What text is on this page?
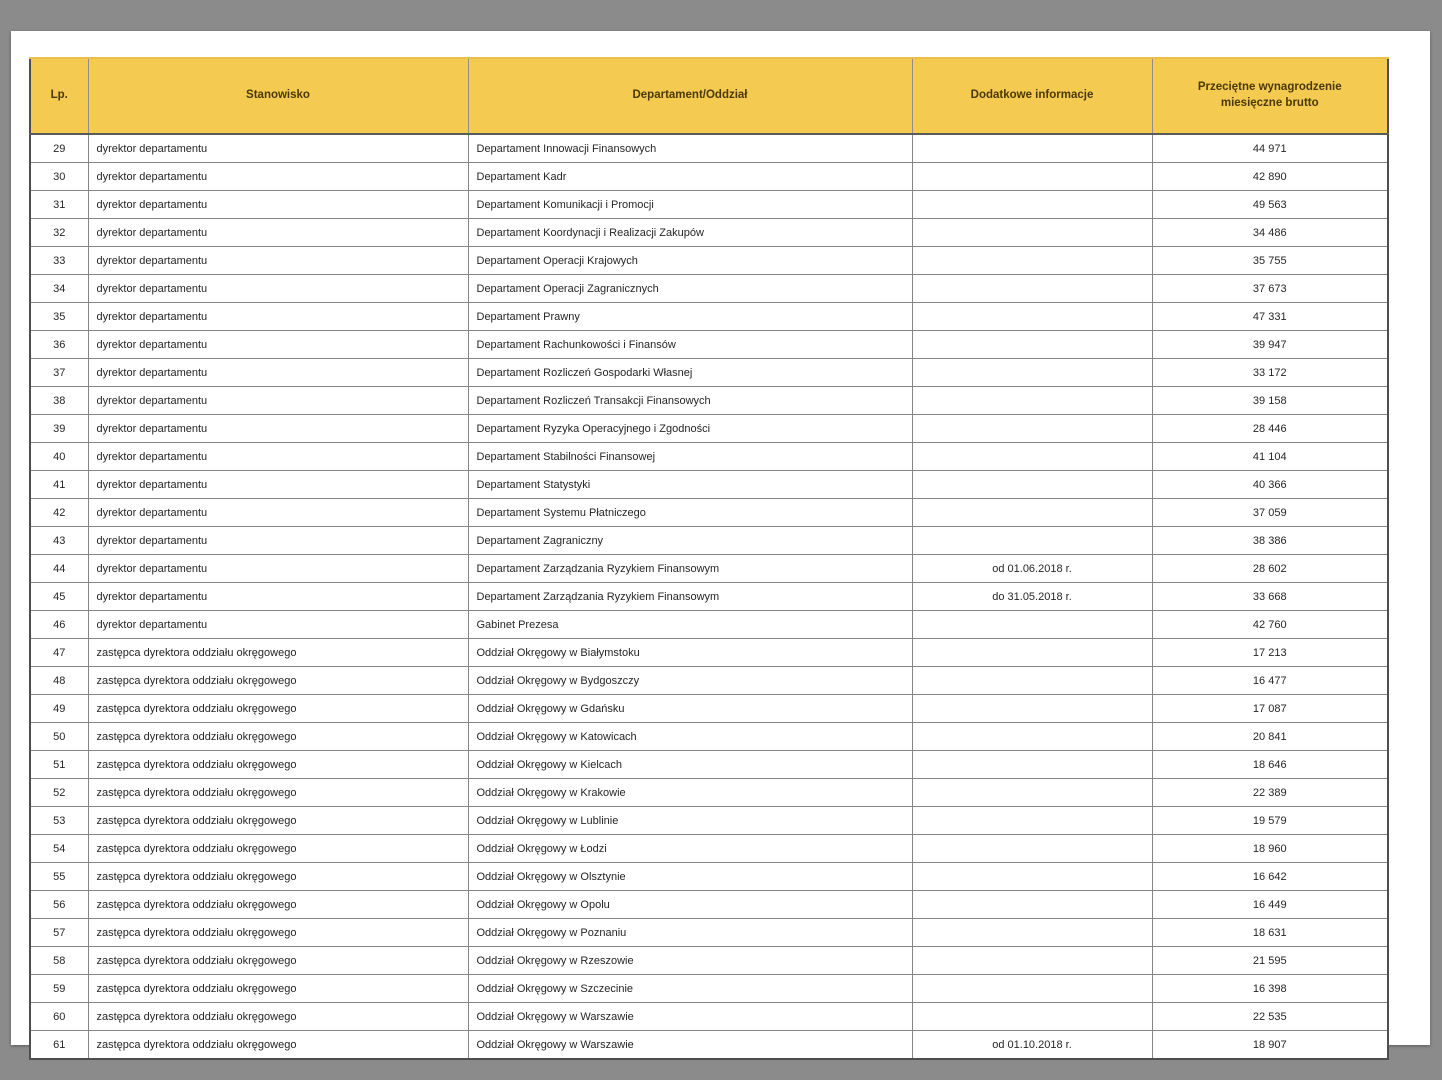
Lp.	Stanowisko	Departament/Oddział	Dodatkowe informacje	Przeciętne wynagrodzenie miesięczne brutto
29	dyrektor departamentu	Departament Innowacji Finansowych		44 971
30	dyrektor departamentu	Departament Kadr		42 890
31	dyrektor departamentu	Departament Komunikacji i Promocji		49 563
32	dyrektor departamentu	Departament Koordynacji i Realizacji Zakupów		34 486
33	dyrektor departamentu	Departament Operacji Krajowych		35 755
34	dyrektor departamentu	Departament Operacji Zagranicznych		37 673
35	dyrektor departamentu	Departament Prawny		47 331
36	dyrektor departamentu	Departament Rachunkowości i Finansów		39 947
37	dyrektor departamentu	Departament Rozliczeń Gospodarki Własnej		33 172
38	dyrektor departamentu	Departament Rozliczeń Transakcji Finansowych		39 158
39	dyrektor departamentu	Departament Ryzyka Operacyjnego i Zgodności		28 446
40	dyrektor departamentu	Departament Stabilności Finansowej		41 104
41	dyrektor departamentu	Departament Statystyki		40 366
42	dyrektor departamentu	Departament Systemu Płatniczego		37 059
43	dyrektor departamentu	Departament Zagraniczny		38 386
44	dyrektor departamentu	Departament Zarządzania Ryzykiem Finansowym	od 01.06.2018 r.	28 602
45	dyrektor departamentu	Departament Zarządzania Ryzykiem Finansowym	do 31.05.2018 r.	33 668
46	dyrektor departamentu	Gabinet Prezesa		42 760
47	zastępca dyrektora oddziału okręgowego	Oddział Okręgowy w Białymstoku		17 213
48	zastępca dyrektora oddziału okręgowego	Oddział Okręgowy w Bydgoszczy		16 477
49	zastępca dyrektora oddziału okręgowego	Oddział Okręgowy w Gdańsku		17 087
50	zastępca dyrektora oddziału okręgowego	Oddział Okręgowy w Katowicach		20 841
51	zastępca dyrektora oddziału okręgowego	Oddział Okręgowy w Kielcach		18 646
52	zastępca dyrektora oddziału okręgowego	Oddział Okręgowy w Krakowie		22 389
53	zastępca dyrektora oddziału okręgowego	Oddział Okręgowy w Lublinie		19 579
54	zastępca dyrektora oddziału okręgowego	Oddział Okręgowy w Łodzi		18 960
55	zastępca dyrektora oddziału okręgowego	Oddział Okręgowy w Olsztynie		16 642
56	zastępca dyrektora oddziału okręgowego	Oddział Okręgowy w Opolu		16 449
57	zastępca dyrektora oddziału okręgowego	Oddział Okręgowy w Poznaniu		18 631
58	zastępca dyrektora oddziału okręgowego	Oddział Okręgowy w Rzeszowie		21 595
59	zastępca dyrektora oddziału okręgowego	Oddział Okręgowy w Szczecinie		16 398
60	zastępca dyrektora oddziału okręgowego	Oddział Okręgowy w Warszawie		22 535
61	zastępca dyrektora oddziału okręgowego	Oddział Okręgowy w Warszawie	od 01.10.2018 r.	18 907
